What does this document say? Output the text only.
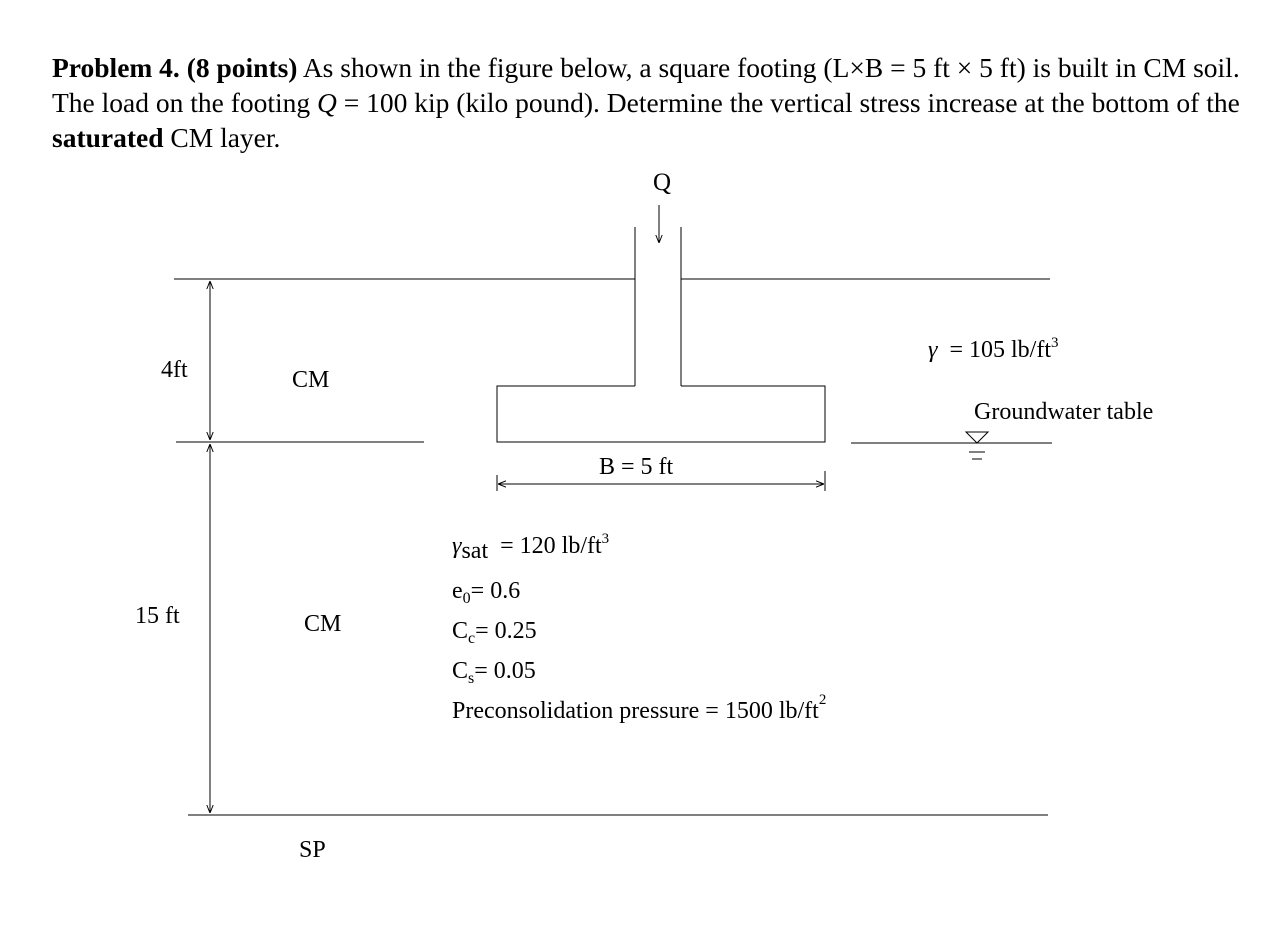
Problem 4. (8 points) As shown in the figure below, a square footing (L×B = 5 ft × 5 ft) is built in CM soil. The load on the footing Q = 100 kip (kilo pound). Determine the vertical stress increase at the bottom of the saturated CM layer.
Q
4ft
15 ft
CM
CM
SP
B = 5 ft
γ = 105 $lb/ft^3$
Groundwater table
γsat = 120 $lb/ft^3$
$e_0= 0.6$
$C_c= 0.25$
$C_s= 0.05$
Preconsolidation pressure = 1500 $lb/ft^2$
